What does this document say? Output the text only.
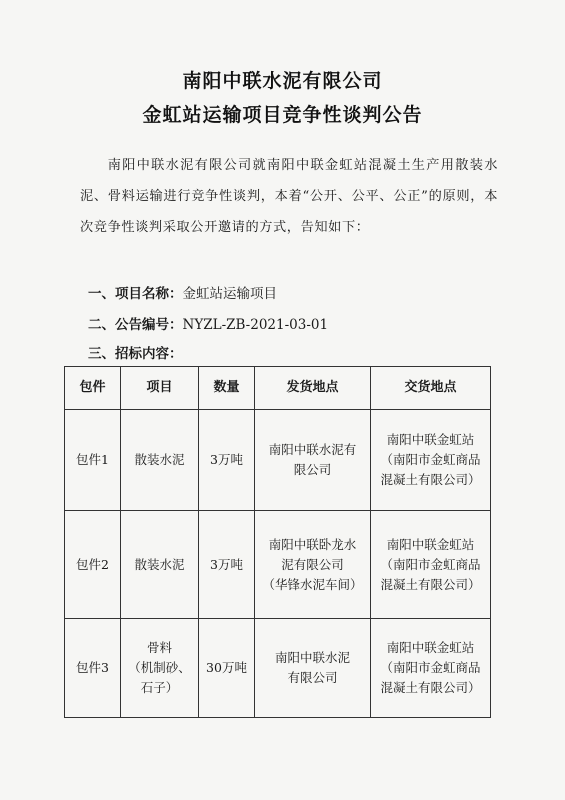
南阳中联水泥有限公司
金虹站运输项目竞争性谈判公告
南阳中联水泥有限公司就南阳中联金虹站混凝土生产用散装水泥、骨料运输进行竞争性谈判，本着“公开、公平、公正”的原则，本次竞争性谈判采取公开邀请的方式，告知如下：
一、项目名称：金虹站运输项目
二、公告编号：NYZL-ZB-2021-03-01
三、招标内容：
包件	项目	数量	发货地点	交货地点
包件1	散装水泥	3万吨	南阳中联水泥有
限公司	南阳中联金虹站
（南阳市金虹商品
混凝土有限公司）

包件2	散装水泥	3万吨	南阳中联卧龙水
泥有限公司
（华锋水泥车间）	南阳中联金虹站
（南阳市金虹商品
混凝土有限公司）

包件3	骨料
（机制砂、
石子）	30万吨	南阳中联水泥
有限公司	南阳中联金虹站
（南阳市金虹商品
混凝土有限公司）
